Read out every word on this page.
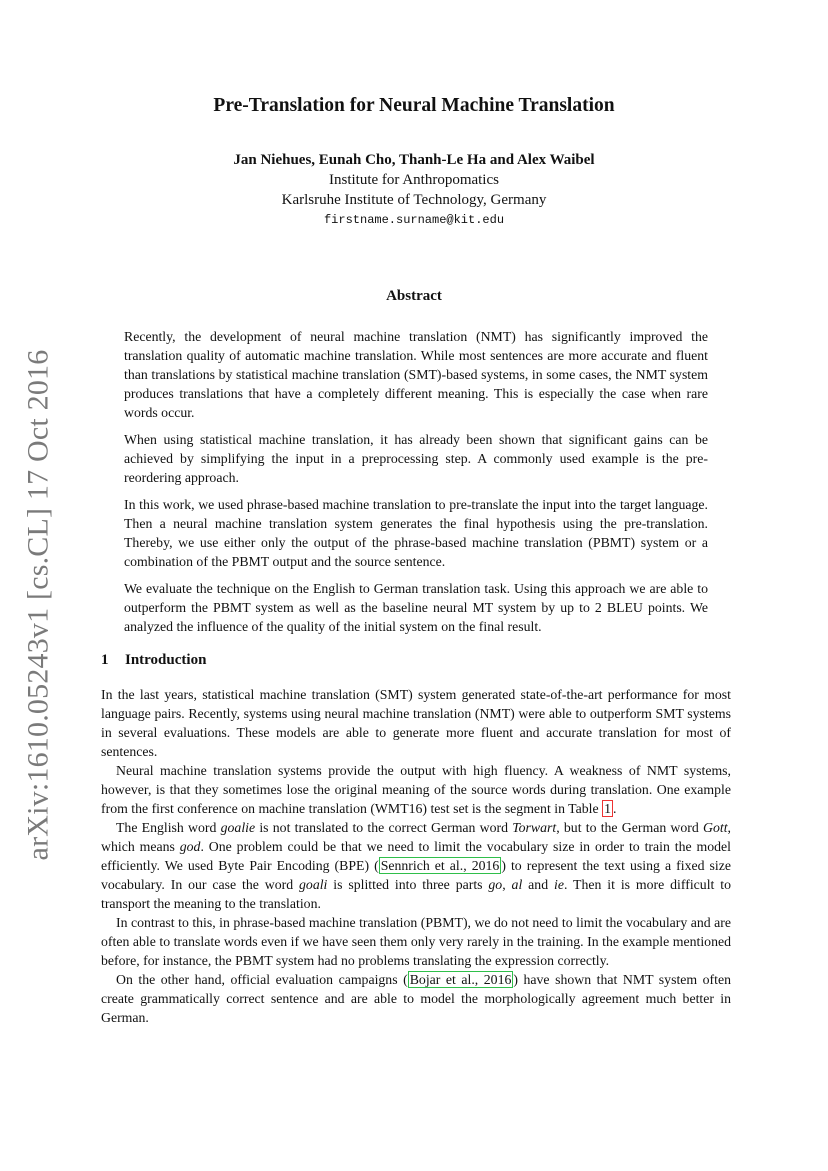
arXiv:1610.05243v1 [cs.CL] 17 Oct 2016
Pre-Translation for Neural Machine Translation
Jan Niehues, Eunah Cho, Thanh-Le Ha and Alex Waibel
Institute for Anthropomatics
Karlsruhe Institute of Technology, Germany
firstname.surname@kit.edu
Abstract

Recently, the development of neural machine translation (NMT) has significantly improved the translation quality of automatic machine translation. While most sentences are more accurate and fluent than translations by statistical machine translation (SMT)-based systems, in some cases, the NMT system produces translations that have a completely different meaning. This is especially the case when rare words occur.

When using statistical machine translation, it has already been shown that significant gains can be achieved by simplifying the input in a preprocessing step. A commonly used example is the pre-reordering approach.

In this work, we used phrase-based machine translation to pre-translate the input into the target language. Then a neural machine translation system generates the final hypothesis using the pre-translation. Thereby, we use either only the output of the phrase-based machine translation (PBMT) system or a combination of the PBMT output and the source sentence.

We evaluate the technique on the English to German translation task. Using this approach we are able to outperform the PBMT system as well as the baseline neural MT system by up to 2 BLEU points. We analyzed the influence of the quality of the initial system on the final result.

1 Introduction

In the last years, statistical machine translation (SMT) system generated state-of-the-art performance for most language pairs. Recently, systems using neural machine translation (NMT) were able to outperform SMT systems in several evaluations. These models are able to generate more fluent and accurate translation for most of sentences.

Neural machine translation systems provide the output with high fluency. A weakness of NMT systems, however, is that they sometimes lose the original meaning of the source words during translation. One example from the first conference on machine translation (WMT16) test set is the segment in Table 1 .

The English word goalie is not translated to the correct German word Torwart, but to the German word Gott, which means god. One problem could be that we need to limit the vocabulary size in order to train the model efficiently. We used Byte Pair Encoding (BPE) ( Sennrich et al., 2016 ) to represent the text using a fixed size vocabulary. In our case the word goali is splitted into three parts go, al and ie. Then it is more difficult to transport the meaning to the translation.

In contrast to this, in phrase-based machine translation (PBMT), we do not need to limit the vocabulary and are often able to translate words even if we have seen them only very rarely in the training. In the example mentioned before, for instance, the PBMT system had no problems translating the expression correctly.

On the other hand, official evaluation campaigns ( Bojar et al., 2016 ) have shown that NMT system often create grammatically correct sentence and are able to model the morphologically agreement much better in German.
